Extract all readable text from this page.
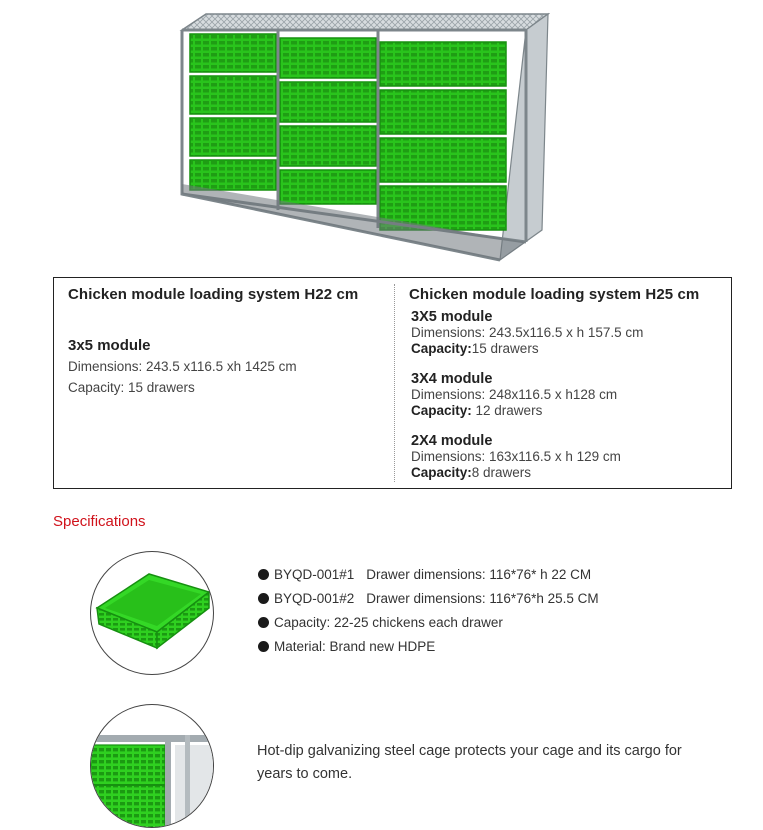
Chicken module loading system H22 cm
3x5 module
Dimensions: 243.5 x116.5 xh 1425 cm
Capacity: 15 drawers
Chicken module loading system H25 cm
3X5 module
Dimensions: 243.5x116.5 x h 157.5 cm
Capacity:15 drawers
3X4 module
Dimensions: 248x116.5 x h128 cm
Capacity: 12 drawers
2X4 module
Dimensions: 163x116.5 x h 129 cm
Capacity:8 drawers
Specifications
BYQD-001#1 Drawer dimensions: 116*76* h 22 CM
BYQD-001#2 Drawer dimensions: 116*76*h 25.5 CM
Capacity: 22-25 chickens each drawer
Material: Brand new HDPE
Hot-dip galvanizing steel cage protects your cage and its cargo for years to come.
